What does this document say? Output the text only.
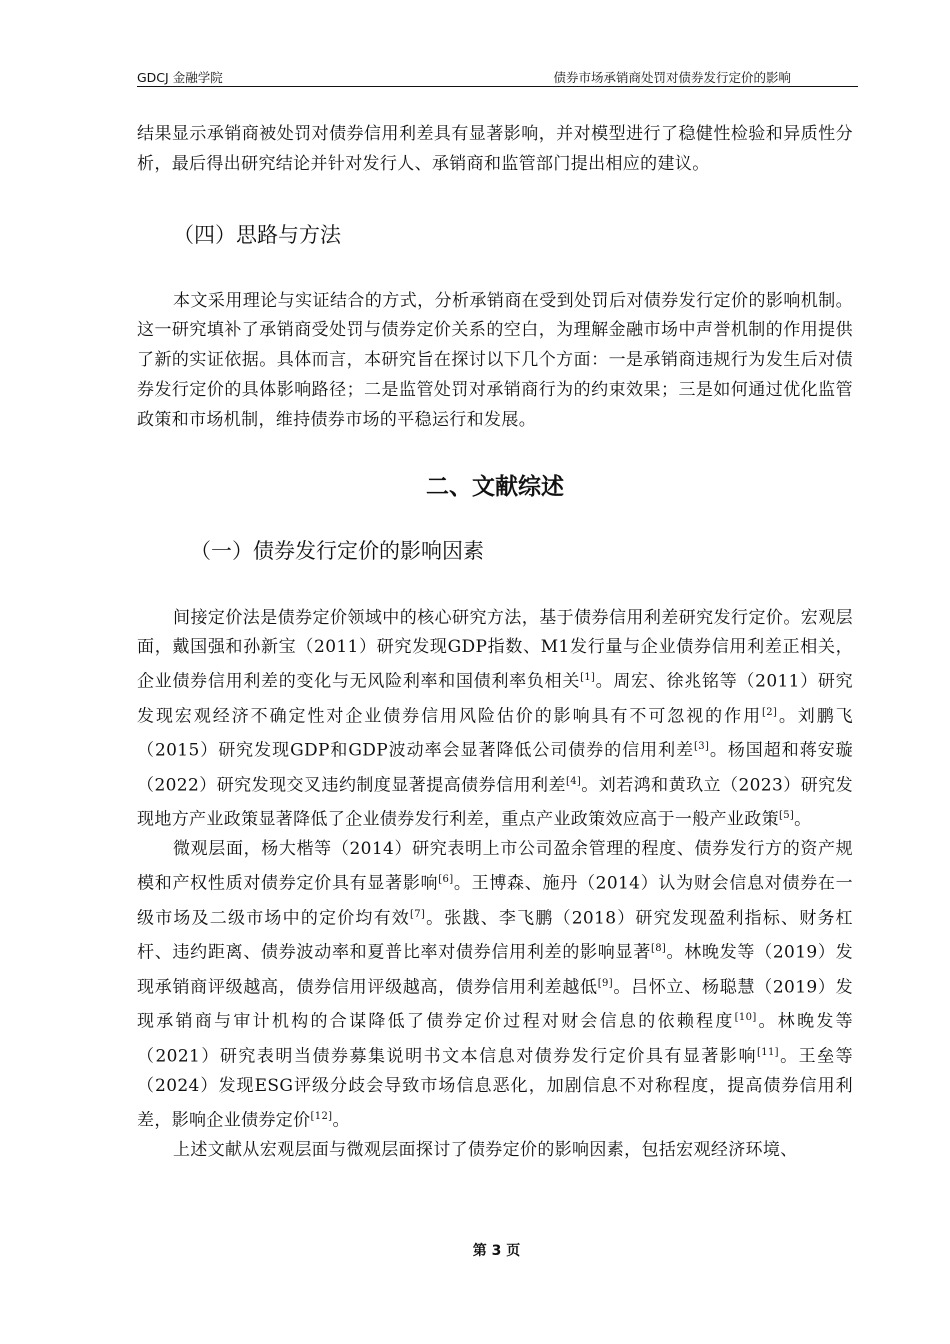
GDCJ 金融学院	债券市场承销商处罚对债券发行定价的影响

结果显示承销商被处罚对债券信用利差具有显著影响，并对模型进行了稳健性检验和异质性分析，最后得出研究结论并针对发行人、承销商和监管部门提出相应的建议。

（四）思路与方法

本文采用理论与实证结合的方式，分析承销商在受到处罚后对债券发行定价的影响机制。这一研究填补了承销商受处罚与债券定价关系的空白，为理解金融市场中声誉机制的作用提供了新的实证依据。具体而言，本研究旨在探讨以下几个方面：一是承销商违规行为发生后对债券发行定价的具体影响路径；二是监管处罚对承销商行为的约束效果；三是如何通过优化监管政策和市场机制，维持债券市场的平稳运行和发展。

二、文献综述
（一）债券发行定价的影响因素

间接定价法是债券定价领域中的核心研究方法，基于债券信用利差研究发行定价。宏观层面，戴国强和孙新宝（2011）研究发现GDP指数、M1发行量与企业债券信用利差正相关，企业债券信用利差的变化与无风险利率和国债利率负相关[1]。周宏、徐兆铭等（2011）研究发现宏观经济不确定性对企业债券信用风险估价的影响具有不可忽视的作用[2]。刘鹏飞（2015）研究发现GDP和GDP波动率会显著降低公司债券的信用利差[3]。杨国超和蒋安璇（2022）研究发现交叉违约制度显著提高债券信用利差[4]。刘若鸿和黄玖立（2023）研究发现地方产业政策显著降低了企业债券发行利差，重点产业政策效应高于一般产业政策[5]。

微观层面，杨大楷等（2014）研究表明上市公司盈余管理的程度、债券发行方的资产规模和产权性质对债券定价具有显著影响[6]。王博森、施丹（2014）认为财会信息对债券在一级市场及二级市场中的定价均有效[7]。张戡、李飞鹏（2018）研究发现盈利指标、财务杠杆、违约距离、债券波动率和夏普比率对债券信用利差的影响显著[8]。林晚发等（2019）发现承销商评级越高，债券信用评级越高，债券信用利差越低[9]。吕怀立、杨聪慧（2019）发现承销商与审计机构的合谋降低了债券定价过程对财会信息的依赖程度[10]。林晚发等（2021）研究表明当债券募集说明书文本信息对债券发行定价具有显著影响[11]。王垒等（2024）发现ESG评级分歧会导致市场信息恶化，加剧信息不对称程度，提高债券信用利差，影响企业债券定价[12]。

上述文献从宏观层面与微观层面探讨了债券定价的影响因素，包括宏观经济环境、

第 3 页
